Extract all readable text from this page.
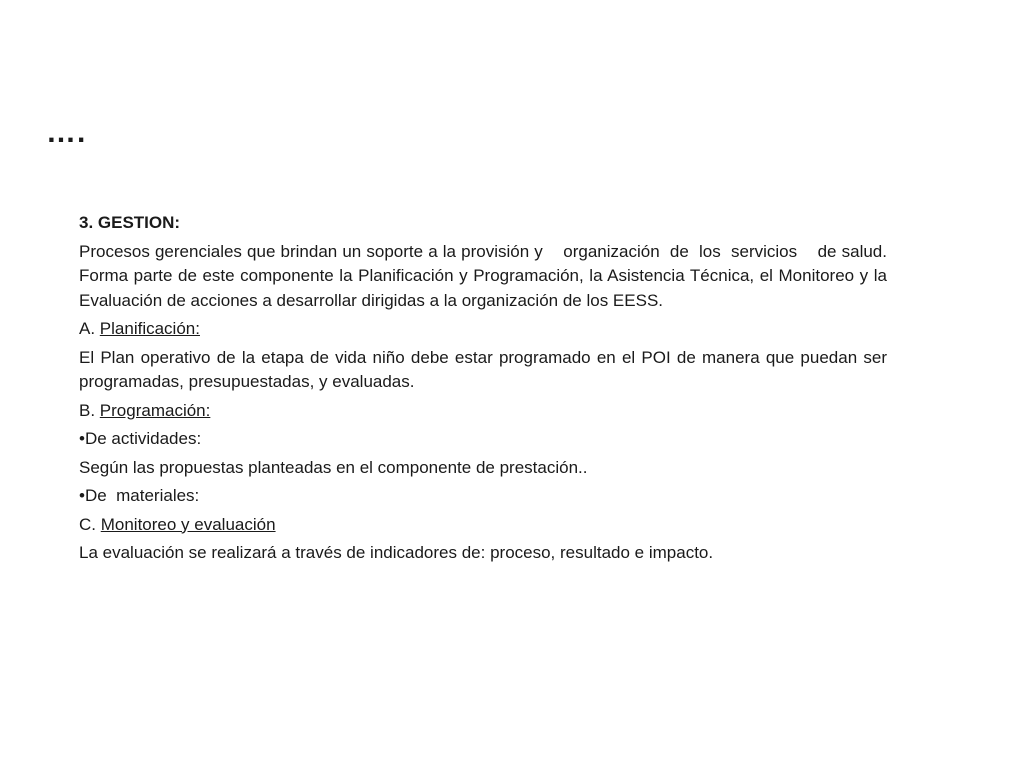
….

3. GESTION:

Procesos gerenciales que brindan un soporte a la provisión y    organización  de  los  servicios    de salud. Forma parte de este componente la Planificación y Programación, la Asistencia Técnica, el Monitoreo y la Evaluación de acciones a desarrollar dirigidas a la organización de los EESS.

A. Planificación:

El Plan operativo de la etapa de vida niño debe estar programado en el POI de manera que puedan ser programadas, presupuestadas, y evaluadas.

B. Programación:

•De actividades:

Según las propuestas planteadas en el componente de prestación..

•De  materiales:

C. Monitoreo y evaluación

La evaluación se realizará a través de indicadores de: proceso, resultado e impacto.
